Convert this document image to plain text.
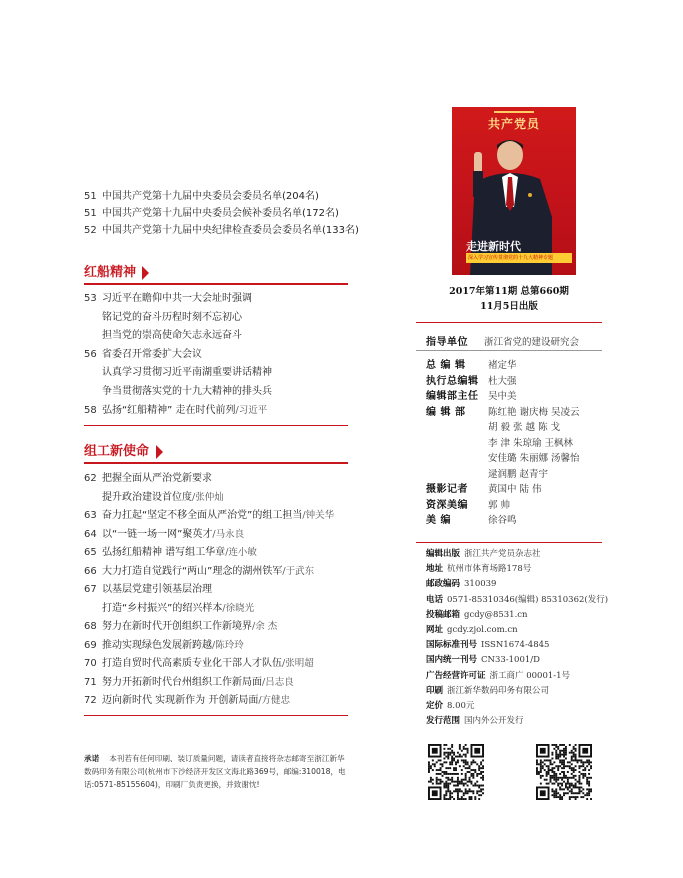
51 中国共产党第十九届中央委员会委员名单(204名)
51 中国共产党第十九届中央委员会候补委员名单(172名)
52 中国共产党第十九届中央纪律检查委员会委员名单(133名)
红船精神
53 习近平在瞻仰中共一大会址时强调
铭记党的奋斗历程时刻不忘初心
担当党的崇高使命矢志永远奋斗
56 省委召开常委扩大会议
认真学习贯彻习近平南湖重要讲话精神
争当贯彻落实党的十九大精神的排头兵
58 弘扬“红船精神” 走在时代前列/习近平
组工新使命
62 把握全面从严治党新要求
提升政治建设首位度/张仲灿
63 奋力扛起“坚定不移全面从严治党”的组工担当/钟关华
64 以“一链一场一网”聚英才/马永良
65 弘扬红船精神 谱写组工华章/连小敏
66 大力打造自觉践行“两山”理念的湖州铁军/于武东
67 以基层党建引领基层治理
打造“乡村振兴”的绍兴样本/徐晓光
68 努力在新时代开创组织工作新境界/余 杰
69 推动实现绿色发展新跨越/陈玲玲
70 打造自贸时代高素质专业化干部人才队伍/张明超
71 努力开拓新时代台州组织工作新局面/吕志良
72 迈向新时代 实现新作为 开创新局面/方健忠
共产党员
走进新时代
深入学习宣传贯彻党的十九大精神专题
2017年第11期 总第660期
11月5日出版
指导单位 浙江省党的建设研究会
总 编 辑 褚定华
执行总编辑 杜大强
编辑部主任 吴中美
编 辑 部 陈红艳 谢庆梅 吴凌云
胡 毅 张 越 陈 戈
李 津 朱琼瑜 王枫林
安佳璐 朱丽娜 汤馨怡
逯润鹏 赵青宇
摄影记者 黄国中 陆 伟
资深美编 郭 帅
美 编	徐谷鸣
编辑出版 浙江共产党员杂志社
地址 杭州市体育场路178号
邮政编码 310039
电话 0571-85310346(编辑) 85310362(发行)
投稿邮箱 gcdy@8531.cn
网址 gcdy.zjol.com.cn
国际标准刊号 ISSN1674-4845
国内统一刊号 CN33-1001/D
广告经营许可证 浙工商广 00001-1号
印刷 浙江新华数码印务有限公司
定价 8.00元
发行范围 国内外公开发行
承诺 本刊若有任何印刷、装订质量问题，请读者直接将杂志邮寄至浙江新华数码印务有限公司(杭州市下沙经济开发区文海北路369号，邮编:310018，电话:0571-85155604)，印刷厂负责更换，并致谢忱!
